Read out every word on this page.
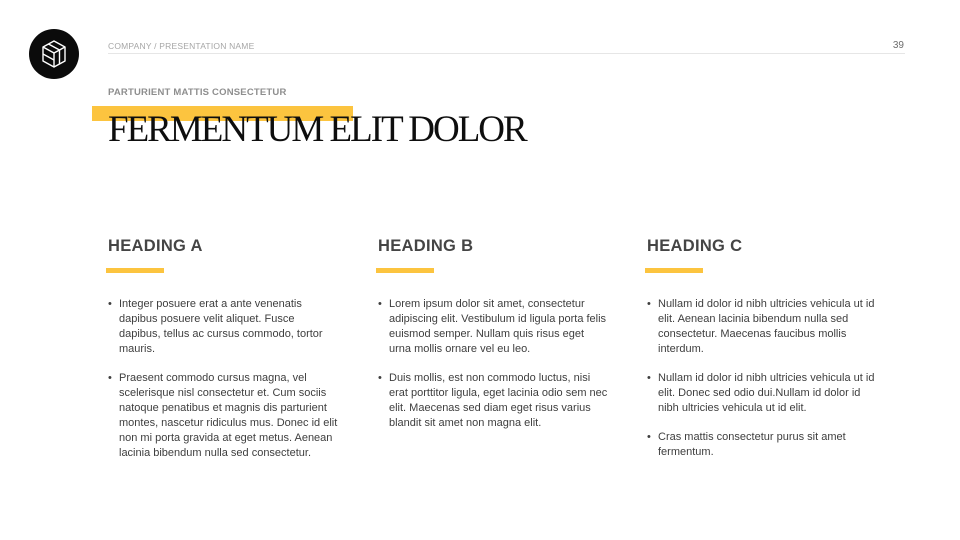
COMPANY / PRESENTATION NAME	39
PARTURIENT MATTIS CONSECTETUR
FERMENTUM ELIT DOLOR
HEADING A
• Integer posuere erat a ante venenatis dapibus posuere velit aliquet. Fusce dapibus, tellus ac cursus commodo, tortor mauris.
• Praesent commodo cursus magna, vel scelerisque nisl consectetur et. Cum sociis natoque penatibus et magnis dis parturient montes, nascetur ridiculus mus. Donec id elit non mi porta gravida at eget metus. Aenean lacinia bibendum nulla sed consectetur.
HEADING B
• Lorem ipsum dolor sit amet, consectetur adipiscing elit. Vestibulum id ligula porta felis euismod semper. Nullam quis risus eget urna mollis ornare vel eu leo.
• Duis mollis, est non commodo luctus, nisi erat porttitor ligula, eget lacinia odio sem nec elit. Maecenas sed diam eget risus varius blandit sit amet non magna elit.
HEADING C
• Nullam id dolor id nibh ultricies vehicula ut id elit. Aenean lacinia bibendum nulla sed consectetur. Maecenas faucibus mollis interdum.
• Nullam id dolor id nibh ultricies vehicula ut id elit. Donec sed odio dui.Nullam id dolor id nibh ultricies vehicula ut id elit.
• Cras mattis consectetur purus sit amet fermentum.
